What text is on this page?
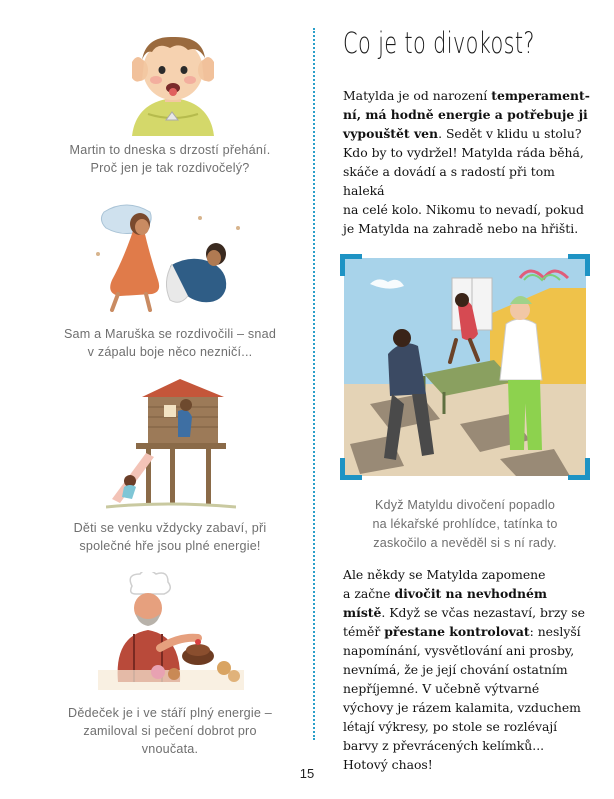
Martin to dneska s drzostí přehání.
Proč jen je tak rozdivočelý?
Sam a Maruška se rozdivočili – snad
v zápalu boje něco nezničí...
Děti se venku vždycky zabaví, při
společné hře jsou plné energie!
Dědeček je i ve stáří plný energie –
zamiloval si pečení dobrot pro
vnoučata.
Co je to divokost?
Matylda je od narození temperament-
ní, má hodně energie a potřebuje ji
vypouštět ven. Sedět v klidu u stolu?
Kdo by to vydržel! Matylda ráda běhá,
skáče a dovádí a s radostí při tom haleká
na celé kolo. Nikomu to nevadí, pokud
je Matylda na zahradě nebo na hřišti.
Když Matyldu divočení popadlo
na lékařské prohlídce, tatínka to
zaskočilo a nevěděl si s ní rady.
Ale někdy se Matylda zapomene
a začne divočit na nevhodném
místě. Když se včas nezastaví, brzy se
téměř přestane kontrolovat: neslyší
napomínání, vysvětlování ani prosby,
nevnímá, že je její chování ostatním
nepříjemné. V učebně výtvarné
výchovy je rázem kalamita, vzduchem
létají výkresy, po stole se rozlévají
barvy z převrácených kelímků...
Hotový chaos!
15
